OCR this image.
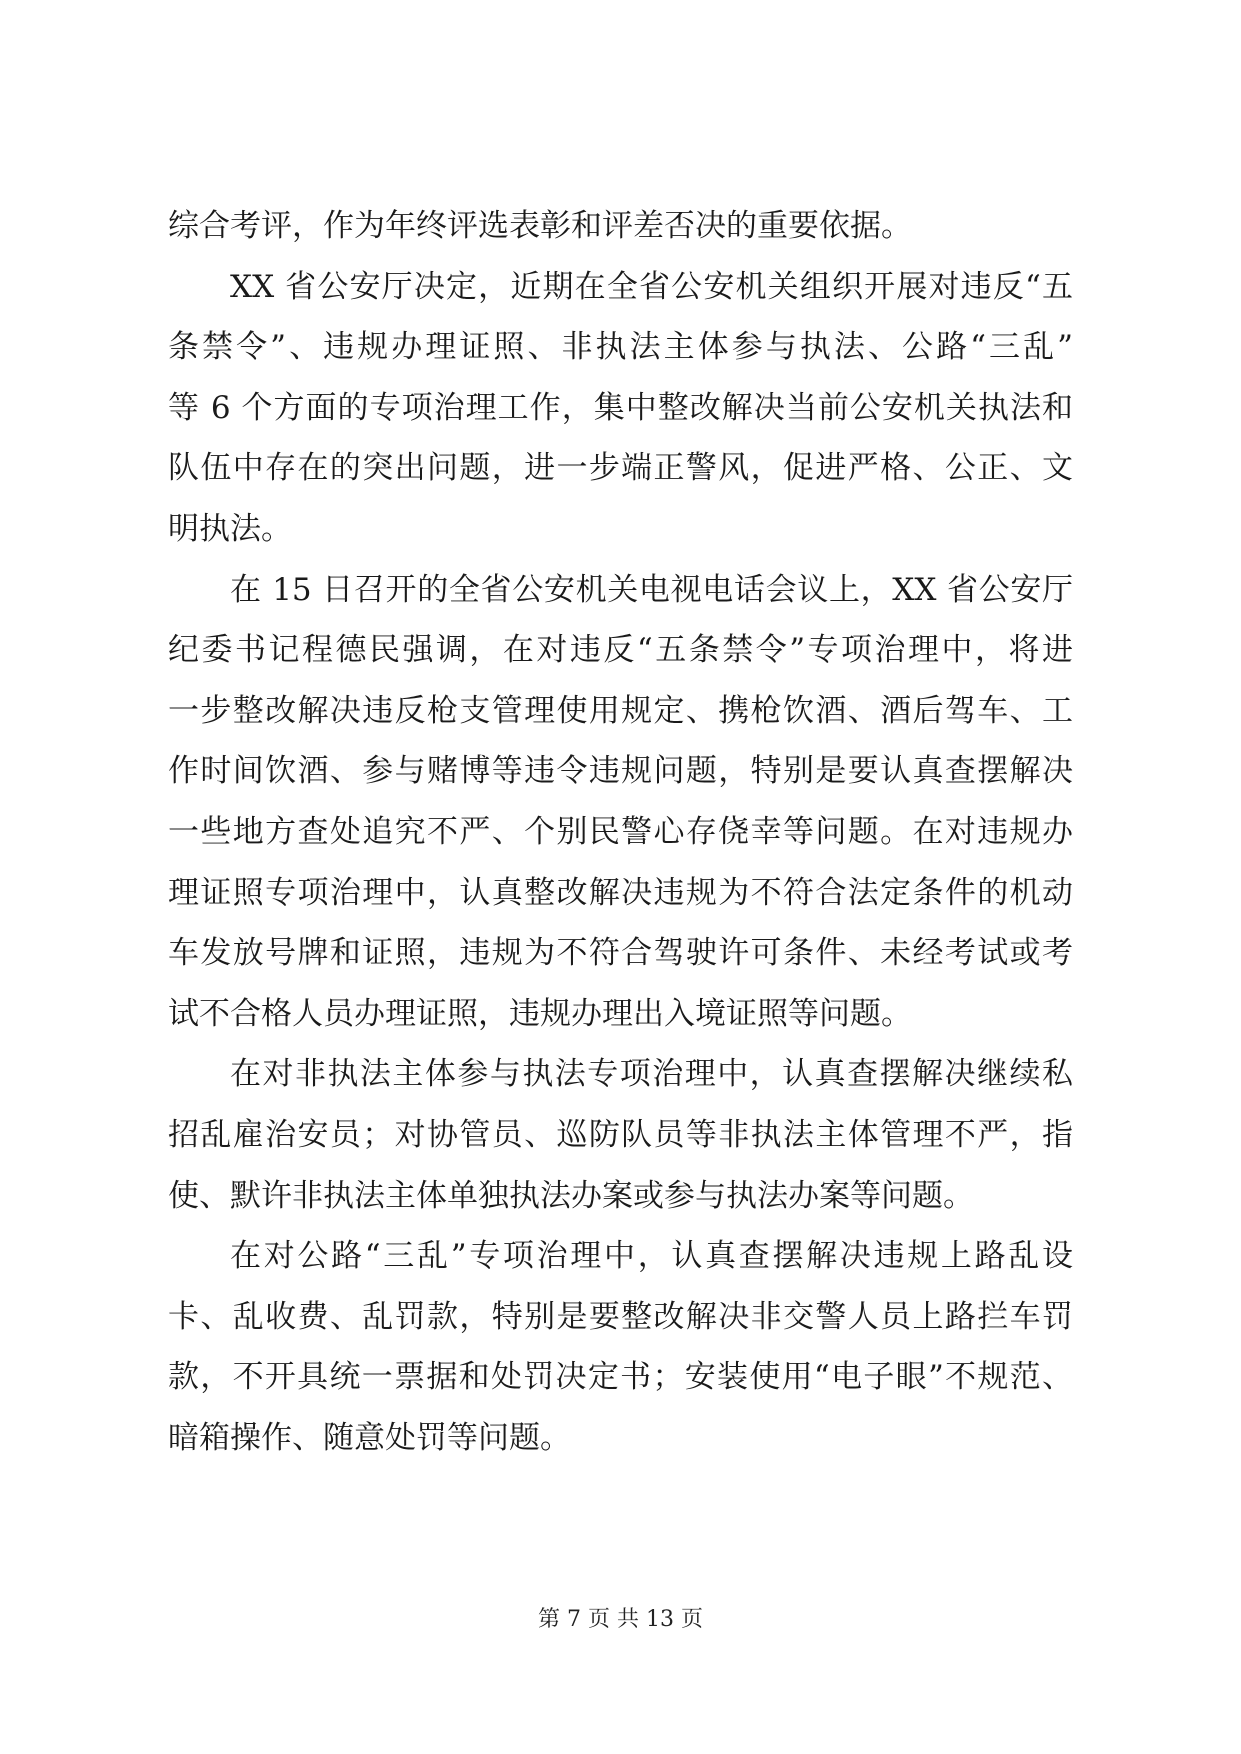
综合考评，作为年终评选表彰和评差否决的重要依据。
XX 省公安厅决定，近期在全省公安机关组织开展对违反“五
条禁令”、违规办理证照、非执法主体参与执法、公路“三乱”
等 6 个方面的专项治理工作，集中整改解决当前公安机关执法和
队伍中存在的突出问题，进一步端正警风，促进严格、公正、文
明执法。
在 15 日召开的全省公安机关电视电话会议上，XX 省公安厅
纪委书记程德民强调，在对违反“五条禁令”专项治理中，将进
一步整改解决违反枪支管理使用规定、携枪饮酒、酒后驾车、工
作时间饮酒、参与赌博等违令违规问题，特别是要认真查摆解决
一些地方查处追究不严、个别民警心存侥幸等问题。在对违规办
理证照专项治理中，认真整改解决违规为不符合法定条件的机动
车发放号牌和证照，违规为不符合驾驶许可条件、未经考试或考
试不合格人员办理证照，违规办理出入境证照等问题。
在对非执法主体参与执法专项治理中，认真查摆解决继续私
招乱雇治安员；对协管员、巡防队员等非执法主体管理不严，指
使、默许非执法主体单独执法办案或参与执法办案等问题。
在对公路“三乱”专项治理中，认真查摆解决违规上路乱设
卡、乱收费、乱罚款，特别是要整改解决非交警人员上路拦车罚
款，不开具统一票据和处罚决定书；安装使用“电子眼”不规范、
暗箱操作、随意处罚等问题。
第 7 页 共 13 页
